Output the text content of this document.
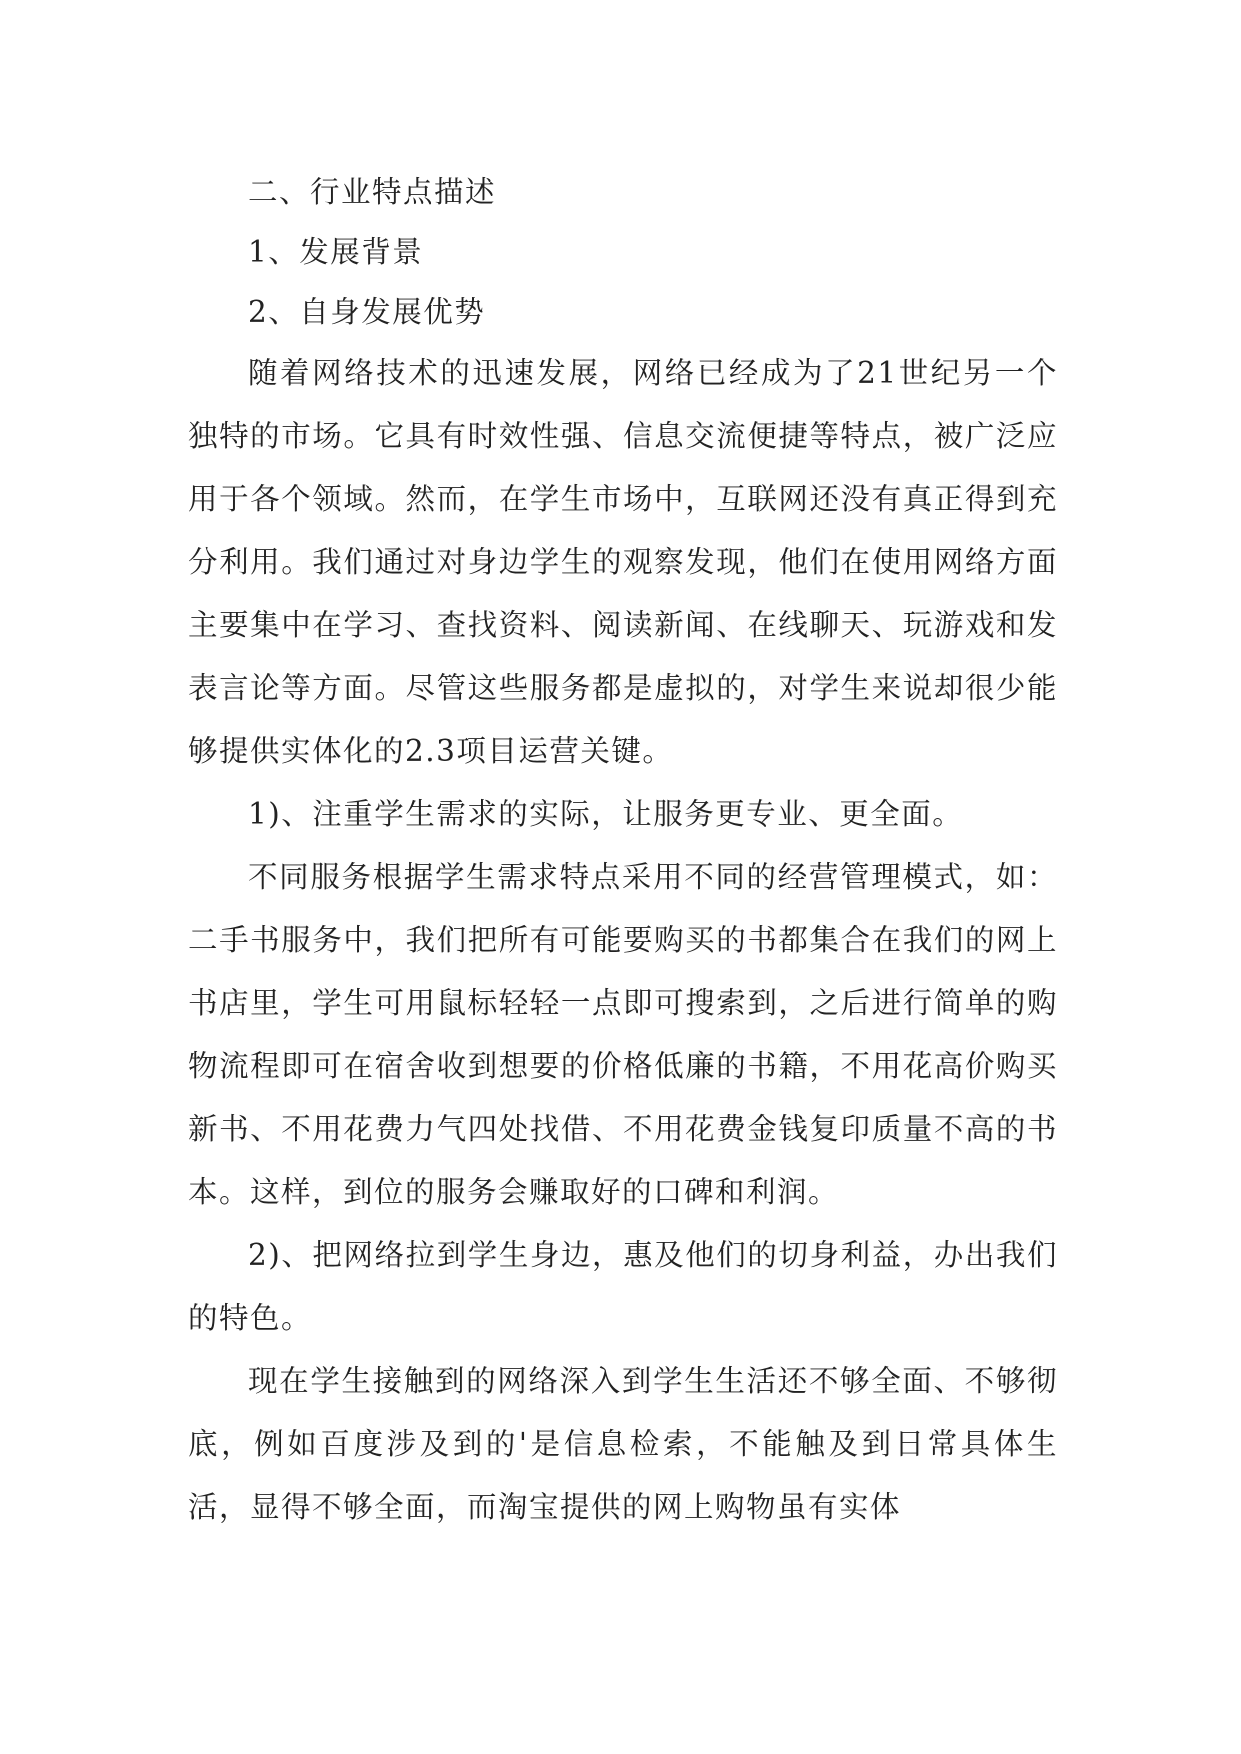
二、行业特点描述

1、发展背景

2、自身发展优势

随着网络技术的迅速发展，网络已经成为了21世纪另一个独特的市场。它具有时效性强、信息交流便捷等特点，被广泛应用于各个领域。然而，在学生市场中，互联网还没有真正得到充分利用。我们通过对身边学生的观察发现，他们在使用网络方面主要集中在学习、查找资料、阅读新闻、在线聊天、玩游戏和发表言论等方面。尽管这些服务都是虚拟的，对学生来说却很少能够提供实体化的2.3项目运营关键。

1)、注重学生需求的实际，让服务更专业、更全面。

不同服务根据学生需求特点采用不同的经营管理模式，如：二手书服务中，我们把所有可能要购买的书都集合在我们的网上书店里，学生可用鼠标轻轻一点即可搜索到，之后进行简单的购物流程即可在宿舍收到想要的价格低廉的书籍，不用花高价购买新书、不用花费力气四处找借、不用花费金钱复印质量不高的书本。这样，到位的服务会赚取好的口碑和利润。

2)、把网络拉到学生身边，惠及他们的切身利益，办出我们的特色。

现在学生接触到的网络深入到学生生活还不够全面、不够彻底，例如百度涉及到的'是信息检索，不能触及到日常具体生活，显得不够全面，而淘宝提供的网上购物虽有实体
